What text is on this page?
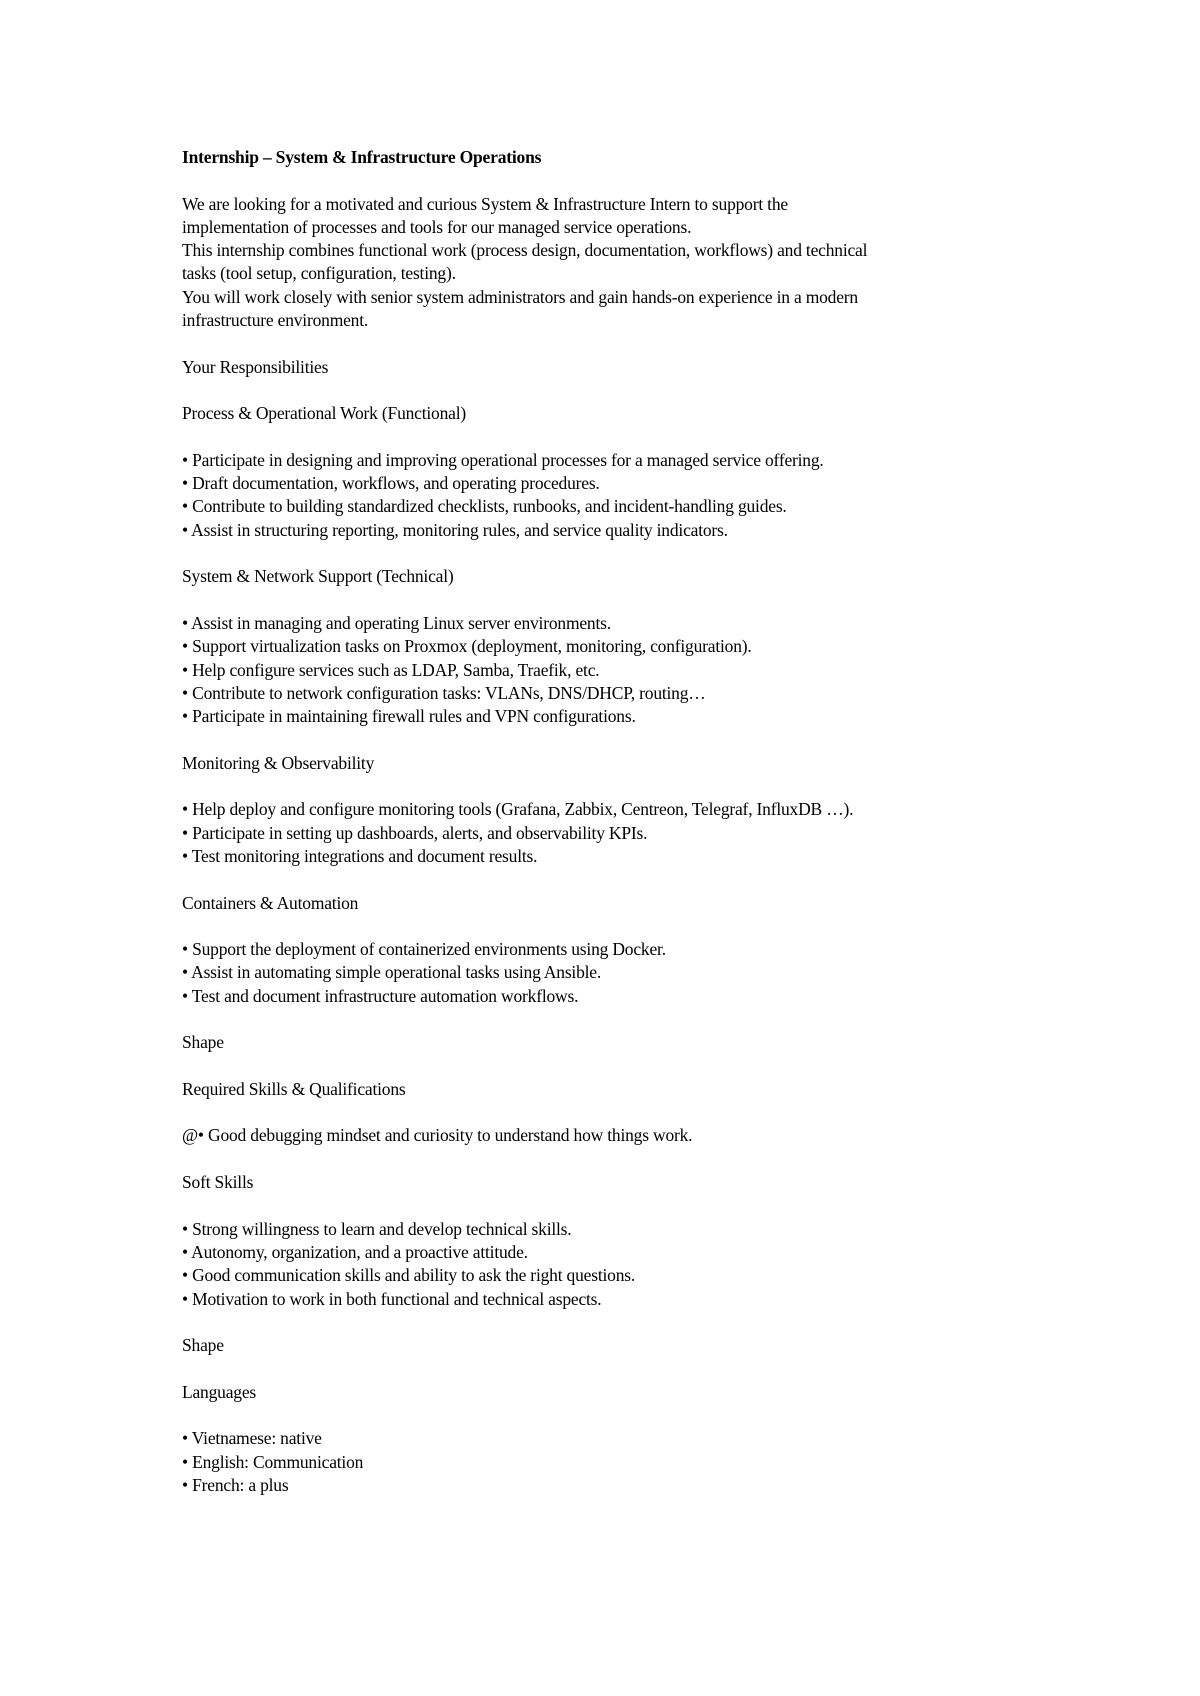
Internship – System & Infrastructure Operations

We are looking for a motivated and curious System & Infrastructure Intern to support the
implementation of processes and tools for our managed service operations.
This internship combines functional work (process design, documentation, workflows) and technical
tasks (tool setup, configuration, testing).
You will work closely with senior system administrators and gain hands-on experience in a modern
infrastructure environment.

Your Responsibilities

Process & Operational Work (Functional)

• Participate in designing and improving operational processes for a managed service offering.
• Draft documentation, workflows, and operating procedures.
• Contribute to building standardized checklists, runbooks, and incident-handling guides.
• Assist in structuring reporting, monitoring rules, and service quality indicators.

System & Network Support (Technical)

• Assist in managing and operating Linux server environments.
• Support virtualization tasks on Proxmox (deployment, monitoring, configuration).
• Help configure services such as LDAP, Samba, Traefik, etc.
• Contribute to network configuration tasks: VLANs, DNS/DHCP, routing…
• Participate in maintaining firewall rules and VPN configurations.

Monitoring & Observability

• Help deploy and configure monitoring tools (Grafana, Zabbix, Centreon, Telegraf, InfluxDB …).
• Participate in setting up dashboards, alerts, and observability KPIs.
• Test monitoring integrations and document results.

Containers & Automation

• Support the deployment of containerized environments using Docker.
• Assist in automating simple operational tasks using Ansible.
• Test and document infrastructure automation workflows.

Shape

Required Skills & Qualifications

@• Good debugging mindset and curiosity to understand how things work.

Soft Skills

• Strong willingness to learn and develop technical skills.
• Autonomy, organization, and a proactive attitude.
• Good communication skills and ability to ask the right questions.
• Motivation to work in both functional and technical aspects.

Shape

Languages

• Vietnamese: native
• English: Communication
• French: a plus
